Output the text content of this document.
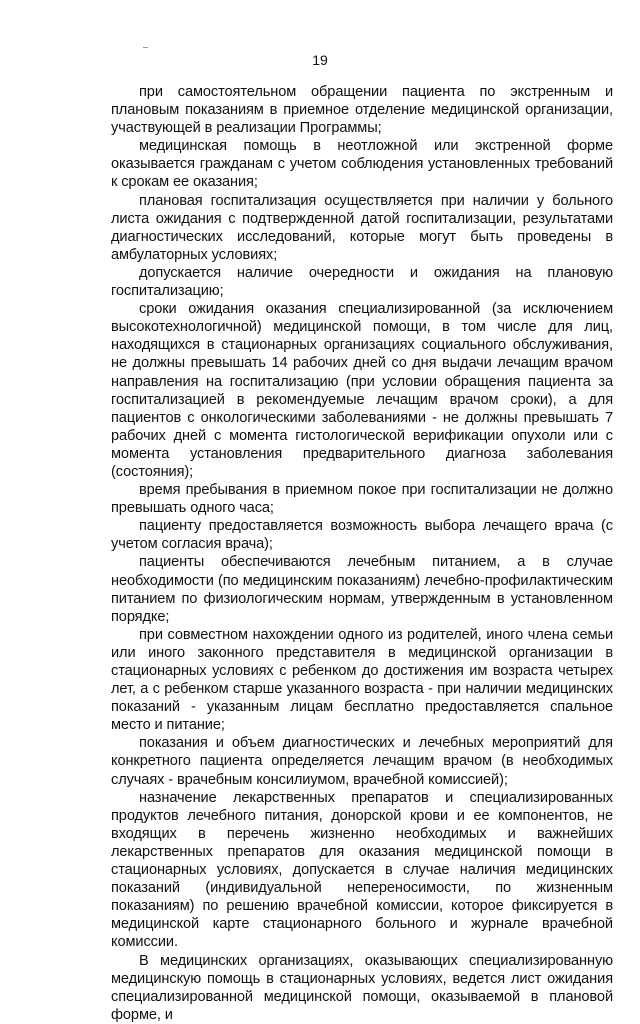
19

при самостоятельном обращении пациента по экстренным и плановым показаниям в приемное отделение медицинской организации, участвующей в реализации Программы;

медицинская помощь в неотложной или экстренной форме оказывается гражданам с учетом соблюдения установленных требований к срокам ее оказания;

плановая госпитализация осуществляется при наличии у больного листа ожидания с подтвержденной датой госпитализации, результатами диагностических исследований, которые могут быть проведены в амбулаторных условиях;

допускается наличие очередности и ожидания на плановую госпитализацию;

сроки ожидания оказания специализированной (за исключением высокотехнологичной) медицинской помощи, в том числе для лиц, находящихся в стационарных организациях социального обслуживания, не должны превышать 14 рабочих дней со дня выдачи лечащим врачом направления на госпитализацию (при условии обращения пациента за госпитализацией в рекомендуемые лечащим врачом сроки), а для пациентов с онкологическими заболеваниями - не должны превышать 7 рабочих дней с момента гистологической верификации опухоли или с момента установления предварительного диагноза заболевания (состояния);

время пребывания в приемном покое при госпитализации не должно превышать одного часа;

пациенту предоставляется возможность выбора лечащего врача (с учетом согласия врача);

пациенты обеспечиваются лечебным питанием, а в случае необходимости (по медицинским показаниям) лечебно-профилактическим питанием по физиологическим нормам, утвержденным в установленном порядке;

при совместном нахождении одного из родителей, иного члена семьи или иного законного представителя в медицинской организации в стационарных условиях с ребенком до достижения им возраста четырех лет, а с ребенком старше указанного возраста - при наличии медицинских показаний - указанным лицам бесплатно предоставляется спальное место и питание;

показания и объем диагностических и лечебных мероприятий для конкретного пациента определяется лечащим врачом (в необходимых случаях - врачебным консилиумом, врачебной комиссией);

назначение лекарственных препаратов и специализированных продуктов лечебного питания, донорской крови и ее компонентов, не входящих в перечень жизненно необходимых и важнейших лекарственных препаратов для оказания медицинской помощи в стационарных условиях, допускается в случае наличия медицинских показаний (индивидуальной непереносимости, по жизненным показаниям) по решению врачебной комиссии, которое фиксируется в медицинской карте стационарного больного и журнале врачебной комиссии.

В медицинских организациях, оказывающих специализированную медицинскую помощь в стационарных условиях, ведется лист ожидания специализированной медицинской помощи, оказываемой в плановой форме, и
